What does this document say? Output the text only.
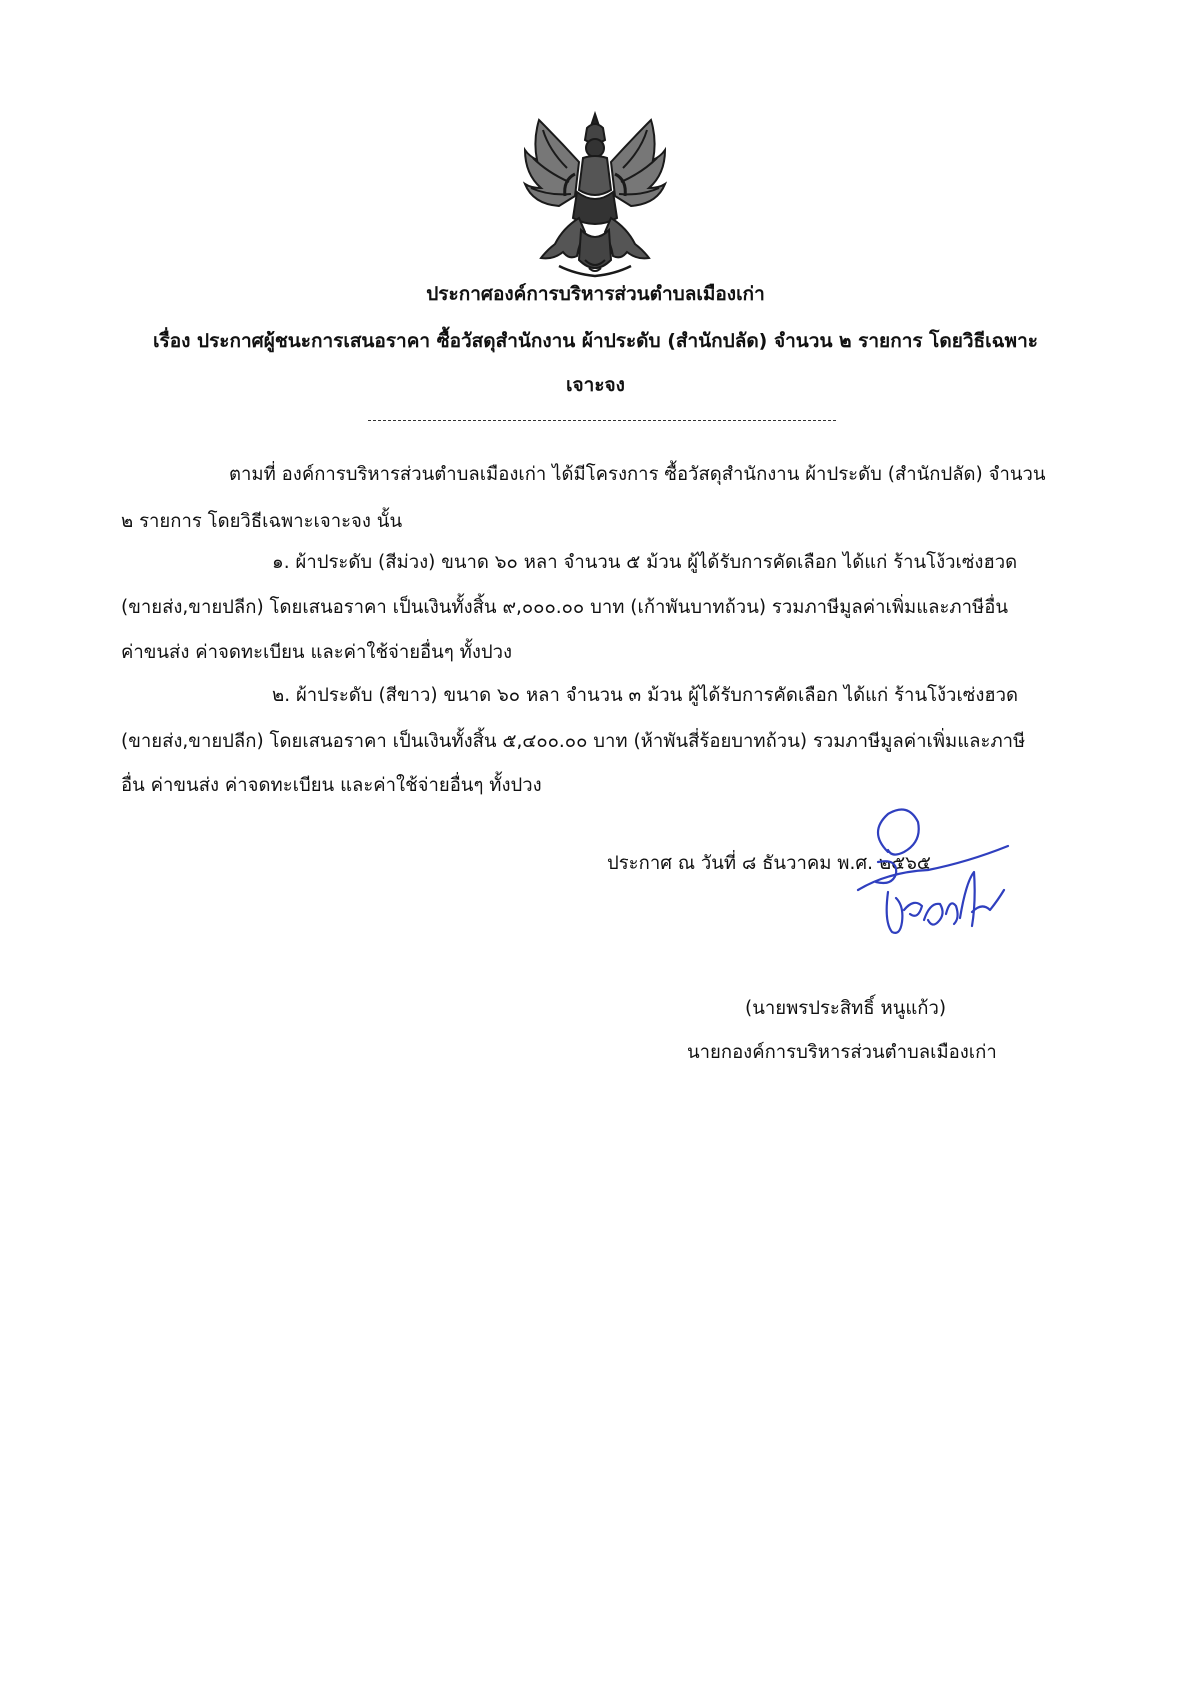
ประกาศองค์การบริหารส่วนตำบลเมืองเก่า
เรื่อง ประกาศผู้ชนะการเสนอราคา ซื้อวัสดุสำนักงาน ผ้าประดับ (สำนักปลัด) จำนวน ๒ รายการ โดยวิธีเฉพาะ
เจาะจง
ตามที่ องค์การบริหารส่วนตำบลเมืองเก่า ได้มีโครงการ ซื้อวัสดุสำนักงาน ผ้าประดับ (สำนักปลัด) จำนวน
๒ รายการ โดยวิธีเฉพาะเจาะจง นั้น
๑. ผ้าประดับ (สีม่วง) ขนาด ๖๐ หลา จำนวน ๕ ม้วน ผู้ได้รับการคัดเลือก ได้แก่ ร้านโง้วเซ่งฮวด
(ขายส่ง,ขายปลีก) โดยเสนอราคา เป็นเงินทั้งสิ้น ๙,๐๐๐.๐๐ บาท (เก้าพันบาทถ้วน) รวมภาษีมูลค่าเพิ่มและภาษีอื่น
ค่าขนส่ง ค่าจดทะเบียน และค่าใช้จ่ายอื่นๆ ทั้งปวง
๒. ผ้าประดับ (สีขาว) ขนาด ๖๐ หลา จำนวน ๓ ม้วน ผู้ได้รับการคัดเลือก ได้แก่ ร้านโง้วเซ่งฮวด
(ขายส่ง,ขายปลีก) โดยเสนอราคา เป็นเงินทั้งสิ้น ๕,๔๐๐.๐๐ บาท (ห้าพันสี่ร้อยบาทถ้วน) รวมภาษีมูลค่าเพิ่มและภาษี
อื่น ค่าขนส่ง ค่าจดทะเบียน และค่าใช้จ่ายอื่นๆ ทั้งปวง
ประกาศ ณ วันที่ ๘ ธันวาคม พ.ศ. ๒๕๖๕
(นายพรประสิทธิ์ หนูแก้ว)
นายกองค์การบริหารส่วนตำบลเมืองเก่า
